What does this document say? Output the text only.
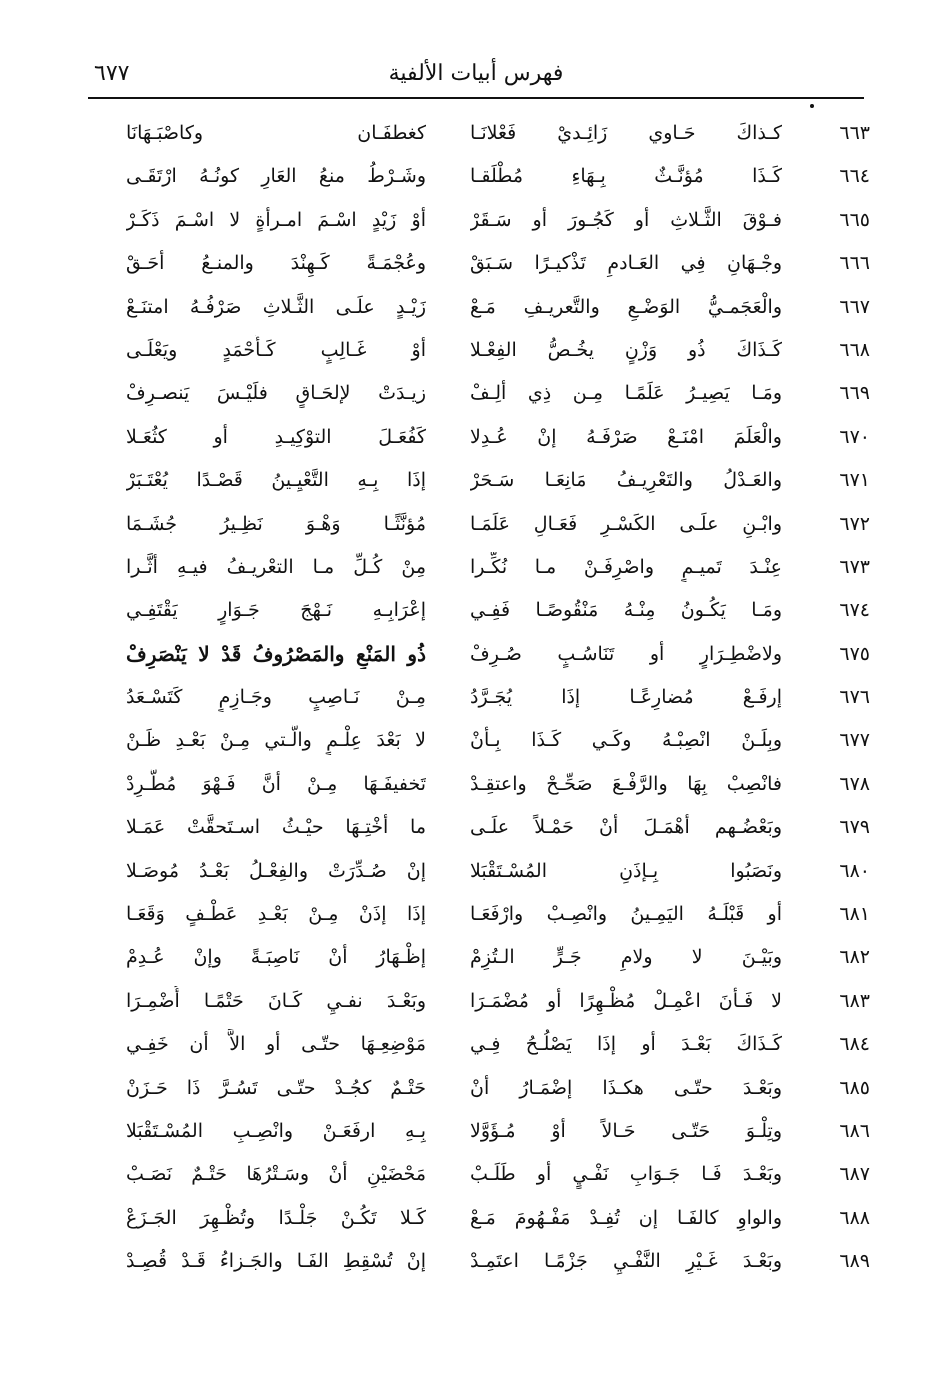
٦٧٧	فهرس أبيات الألفية
٦٦٣
كـذاكَ حَـاوي زَائِـديْ فَعْلانَـا
كغطفَـان وكاصْبَـهَانَا
٦٦٤
كَـذَا مُؤنَّـثٌ بِـهَاءِ مُطْلَقـا
وشَـرْطُ منعُ العَارِ كونُـهُ ارْتَقَـى
٦٦٥
فـوْقَ الثَّـلاثِ أو كَجُـورَ أو سَـقَرْ
أوْ زَيْدٍ اسْـمَ امـرأةٍ لا اسْـمَ ذَكَـرْ
٦٦٦
وجْـهَانِ فِي العَـادمِ تَذْكيـرًا سَـبَقْ
وعُجْمَـةً كَـهِنْدَ والمنـعُ أحَـقْ
٦٦٧
والْعَجَمـيُّ الوَضْـعِ والتَّعريـفِ مَـعْ
زَيْـدٍ علَـى الثَّـلاثِ صَرْفُـهُ امتنَـعْ
٦٦٨
كَـذَاكَ ذُو وَزْنٍ يخُـصُّ الفِعْـلا
أوْ غَـالِبٍ كَـأَحْمَدٍ ويَعْلَـى
٦٦٩
ومَـا يَصِيـرُ عَلَمًـا مِـن ذِي ألِـفْ
زيـدَتْ لإلحَـاقٍ فلَيْـسَ يَنصـرِفْ
٦٧٠
والْعَلَمَ امْنَـعْ صَرْفَـهُ إنْ عُـدِلا
كَفُعَـلَ التوْكِيـدِ أو كثُعَـلا
٦٧١
والعَـدْلُ والتَعْرِيـفُ مَانِعَـا سَـحَرْ
إذَا بِـهِ التَّعْيِـينُ قَصْـدًا يُعْتَـبَرْ
٦٧٢
وابْـنِ علَـى الكَسْـرِ فَعَـالِ عَلَمَـا
مُؤنَّثًـا وَهْـوَ نَظِـيرُ جُشَـمَا
٦٧٣
عِنْـدَ تَميـمٍ واصْرِفَـنْ مـا نُكِّـرا
مِنْ كُـلِّ مـا التعْريـفُ فيـهِ أثَّـرا
٦٧٤
ومَـا يَكُـونُ مِنْـهُ مَنْقُوصًـا فَفِـي
إعْرَابِـهِ نَـهْجَ جَـوَارٍ يَقْتَفِـي
٦٧٥
ولاضْطِـرَارٍ أو تَنَاسُـبٍ صُـرِفْ
ذُو المَنْعِ والمَصْرُوفُ قَدْ لا يَنْصَرِفْ
٦٧٦
إرفَـعْ مُضارِعًـا إذَا يُجَـرَّدُ
مِـنْ نَـاصِبٍ وجَـازِمٍ كَتَسْـعَدُ
٦٧٧
وبِلَـنْ انْصِبْـهُ وكَـي كَـذَا بِـأنْ
لا بَعْدَ عِلْـمٍ والَّـتي مِـنْ بَعْـدِ ظَـنْ
٦٧٨
فانْصِبْ بِهَا والرَّفْـعَ صَحِّـحْ واعتقِـدْ
تَخفيفَـهَا مِـنْ أنَّ فَـهْوَ مُطَّـرِدْ
٦٧٩
وبَعْضُـهم أهْمَـلَ أنْ حَمْـلاً علَـى
ما أخْتِـهَا حيْـثُ اسـتَحقَّتْ عَمَـلا
٦٨٠
ونَصَبُوا بِـإذَنِ المُسْـتَقْبَلا
إنْ صُـدِّرَتْ والفِعْـلُ بَعْـدُ مُوصَـلا
٦٨١
أو قَبْلَـهُ اليَمِـينُ وانْصِـبْ وارْفَعَـا
إذَا إذَنْ مِـنْ بَعْـدِ عَطْـفٍ وَقَعَـا
٦٨٢
وبَيْـنَ لا ولامِ جَـرٍّ الـتُزِمْ
إظْـهَارُ أنْ نَاصِبَـةً وإنْ عُـدِمْ
٦٨٣
لا فَـأنَ اعْمِـلْ مُظْـهِرًا أو مُضْمَـرَا
وبَعْـدَ نفـيِ كَـانَ حَتْمًـا أُضْمِـرَا
٦٨٤
كَـذَاكَ بَعْـدَ أو إذَا يَصْلُـحُ فِـي
مَوْضِعِـهَا حتّـى أو الاَّ أن خَفِـي
٦٨٥
وبَعْـدَ حتّـى هكـذَا إضْمَـارُ أنْ
حَتْـمٌ كجُـدْ حتّـى تَسُـرَّ ذَا حَـزَنْ
٦٨٦
وتِلْـوَ حَتّـى حَـالاً أوْ مُـؤَوَّلا
بِـهِ ارفَعَـنْ وانْصِـبِ المُسْـتَقْبَلا
٦٨٧
وبَعْـدَ فَـا جَـوَابِ نَفْـيٍ أو طَلَـبْ
مَحْضَيْنِ أنْ وسَـتْرُهَا حَتْـمٌ نَصَـبْ
٦٨٨
والواوِ كالفَـا إن تُفِـدْ مَفْـهُومَ مَـعْ
كَـلا تَكُـنْ جَلْـدًا وتُظْـهِرَ الجَـزَعْ
٦٨٩
وبَعْـدَ غَـيْرِ النَّفْـيِ جَزْمًـا اعتَمِـدْ
إنْ تُسْقِطِ الفَـا والجَـزاءُ قَـدْ قُصِـدْ
